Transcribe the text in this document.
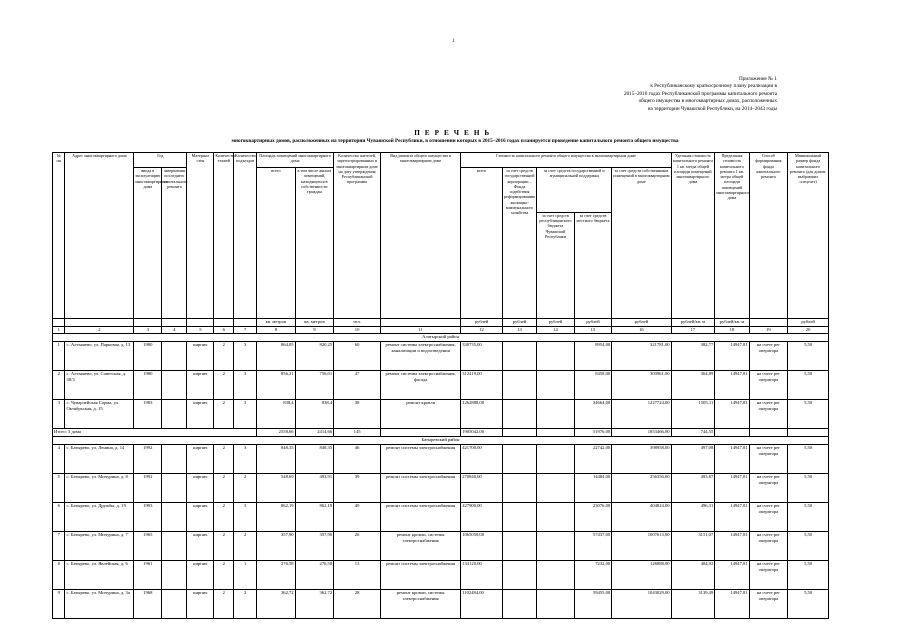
1
Приложение № 1
к Республиканскому краткосрочному плану реализации в
2015–2016 годах Республиканской программы капитального ремонта
общего имущества в многоквартирных домах, расположенных
на территории Чувашской Республики, на 2014–2043 годы
П Е Р Е Ч Е Н Ь
многоквартирных домов, расположенных на территории Чувашской Республики, в отношении которых в 2015–2016 годах планируется проведение капитального ремонта общего имущества
№ пп	Адрес многоквартирного дома	Год		Материал стен	Количество этажей	Количество подъездов	Площадь помещений многоквартирного дома		Количество жителей, зарегистрированных в многоквартирном доме на дату утверждения Республиканской программы	Вид ремонта общего имущества в многоквартирном доме	Стоимость капитального ремонта общего имущества в многоквартирном доме					Удельная стоимость капитального ремонта 1 кв. метра общей площади помещений многоквартирного дома	Предельная стоимость капитального ремонта 1 кв. метра общей площади помещений многоквартирного дома	Способ формирования фонда капитального ремонта	Минимальный размер фонда капитального ремонта (для домов, выбравших спецсчет)
		ввода в эксплуатацию многоквартирного дома	завершения последнего капитального ремонта				всего	в том числе жилых помещений, находящихся в собственности граждан			всего	за счет средств государственной корпорации – Фонда содействия реформированию жилищно-коммунального хозяйства	за счет средств государственной и муниципальной поддержки		за счет средств собственников помещений в многоквартирном доме				
													за счет средств республиканского бюджета Чувашской Республики	за счет средств местного бюджета					
							кв. метров	кв. метров	чел.		рублей	рублей	рублей	рублей	рублей	рублей/кв. м	рублей/кв. м		рублей
1	2	3	4	5	6	7	8	9	10	11	12	13	14	15	16	17	18	19	20
Алатырский район																			
1	с. Алтышево, ул. Парковая, д. 13	1980		кирпич	2	3	864,05	820,25	60	ремонт системы электроснабжения, канализации и водоотведения	330735,00			8954,00	321781,00	382,77	14947,81	на счете рег оператора	5,50
2	с. Алтышево, ул. Советская, д. 38/3	1980		кирпич	2	3	856,21	756,01	47	ремонт системы электроснабжения, фасада	312419,00			8458,00	303961,00	364,89	14947,81	на счете рег оператора	5,50
3	с. Чуварлейская Сорма, ул. Октябрьская, д. 15	1983		кирпич	2	3	838,4	838,4	38	ремонт кровли	1262888,00			34664,00	1227724,00	1505,11	14947,81	на счете рег оператора	5,50
Итого: 3 дома							2558,66	2414,66	145		1905042,00			51976,00	1853466,00	744,55			
Батыревский район																			
4	с. Батырево, ул. Ленина, д. 14	1992		кирпич	2	3	848,35	848,35	46	ремонт системы электроснабжения	421700,00			22742,00	398958,00	497,08	14947,81	на счете рег оператора	5,50
5	с. Батырево, ул. Мичурина, д. 8	1992		кирпич	2	2	548,69	493,91	39	ремонт системы электроснабжения	270840,00			14484,00	256356,00	493,87	14947,81	на счете рег оператора	5,50
6	с. Батырево, ул. Дружбы, д. 19	1993		кирпич	2	3	862,19	862,19	40	ремонт системы электроснабжения	427900,00			23076,00	404824,00	496,31	14947,81	на счете рег оператора	5,50
7	с. Батырево, ул. Мичурина, д. 7	1965		кирпич	2	2	357,90	357,90	26	ремонт кровли, системы электроснабжения	1065050,00			57437,00	1007613,00	3151,07	14947,81	на счете рег оператора	5,50
8	с. Батырево, ул. Явлейская, д. 6	1961		кирпич	2	1	276,58	276,58	13	ремонт системы электроснабжения	134120,00			7232,00	126888,00	484,92	14947,81	на счете рег оператора	5,50
9	с. Батырево, ул. Мичурина, д. 3а	1968		кирпич	2	2	362,72	362,72	28	ремонт кровли, системы электроснабжения	1102484,00			59455,00	1043029,00	3139,49	14947,81	на счете рег оператора	5,50
